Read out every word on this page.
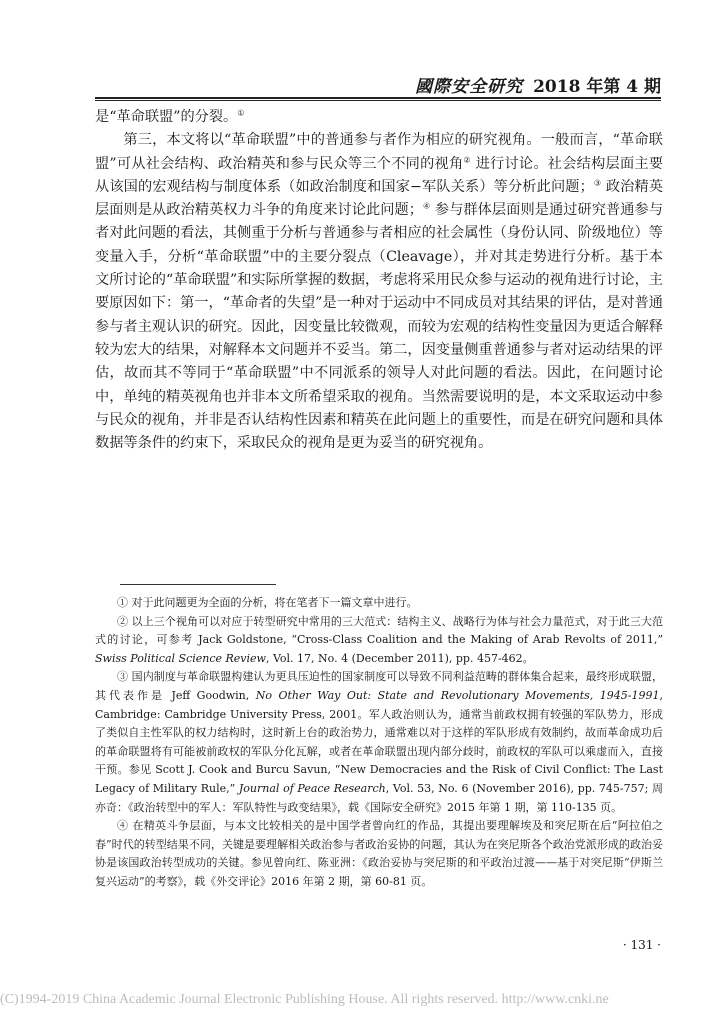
國際安全研究 2018 年第 4 期

是“革命联盟”的分裂。①

第三，本文将以“革命联盟”中的普通参与者作为相应的研究视角。一般而言，“革命联盟”可从社会结构、政治精英和参与民众等三个不同的视角② 进行讨论。社会结构层面主要从该国的宏观结构与制度体系（如政治制度和国家−军队关系）等分析此问题；③ 政治精英层面则是从政治精英权力斗争的角度来讨论此问题；④ 参与群体层面则是通过研究普通参与者对此问题的看法，其侧重于分析与普通参与者相应的社会属性（身份认同、阶级地位）等变量入手，分析“革命联盟”中的主要分裂点（Cleavage），并对其走势进行分析。基于本文所讨论的“革命联盟”和实际所掌握的数据，考虑将采用民众参与运动的视角进行讨论，主要原因如下：第一，“革命者的失望”是一种对于运动中不同成员对其结果的评估，是对普通参与者主观认识的研究。因此，因变量比较微观，而较为宏观的结构性变量因为更适合解释较为宏大的结果，对解释本文问题并不妥当。第二，因变量侧重普通参与者对运动结果的评估，故而其不等同于“革命联盟”中不同派系的领导人对此问题的看法。因此，在问题讨论中，单纯的精英视角也并非本文所希望采取的视角。当然需要说明的是，本文采取运动中参与民众的视角，并非是否认结构性因素和精英在此问题上的重要性，而是在研究问题和具体数据等条件的约束下，采取民众的视角是更为妥当的研究视角。

① 对于此问题更为全面的分析，将在笔者下一篇文章中进行。

② 以上三个视角可以对应于转型研究中常用的三大范式：结构主义、战略行为体与社会力量范式，对于此三大范式的讨论，可参考 Jack Goldstone, “Cross-Class Coalition and the Making of Arab Revolts of 2011,” Swiss Political Science Review, Vol. 17, No. 4 (December 2011), pp. 457-462。

③ 国内制度与革命联盟构建认为更具压迫性的国家制度可以导致不同利益范畴的群体集合起来，最终形成联盟，其代表作是 Jeff Goodwin, No Other Way Out: State and Revolutionary Movements, 1945-1991, Cambridge: Cambridge University Press, 2001。军人政治则认为，通常当前政权拥有较强的军队势力，形成了类似自主性军队的权力结构时，这时新上台的政治势力，通常难以对于这样的军队形成有效制约，故而革命成功后的革命联盟将有可能被前政权的军队分化瓦解，或者在革命联盟出现内部分歧时，前政权的军队可以乘虚而入，直接干预。参见 Scott J. Cook and Burcu Savun, “New Democracies and the Risk of Civil Conflict: The Last Legacy of Military Rule,” Journal of Peace Research, Vol. 53, No. 6 (November 2016), pp. 745-757; 周亦奇：《政治转型中的军人：军队特性与政变结果》，载《国际安全研究》2015 年第 1 期，第 110-135 页。

④ 在精英斗争层面，与本文比较相关的是中国学者曾向红的作品，其提出要理解埃及和突尼斯在后“阿拉伯之春”时代的转型结果不同，关键是要理解相关政治参与者政治妥协的问题，其认为在突尼斯各个政治党派形成的政治妥协是该国政治转型成功的关键。参见曾向红、陈亚洲：《政治妥协与突尼斯的和平政治过渡——基于对突尼斯“伊斯兰复兴运动”的考察》，载《外交评论》2016 年第 2 期，第 60-81 页。

· 131 ·
(C)1994-2019 China Academic Journal Electronic Publishing House. All rights reserved. http://www.cnki.ne
